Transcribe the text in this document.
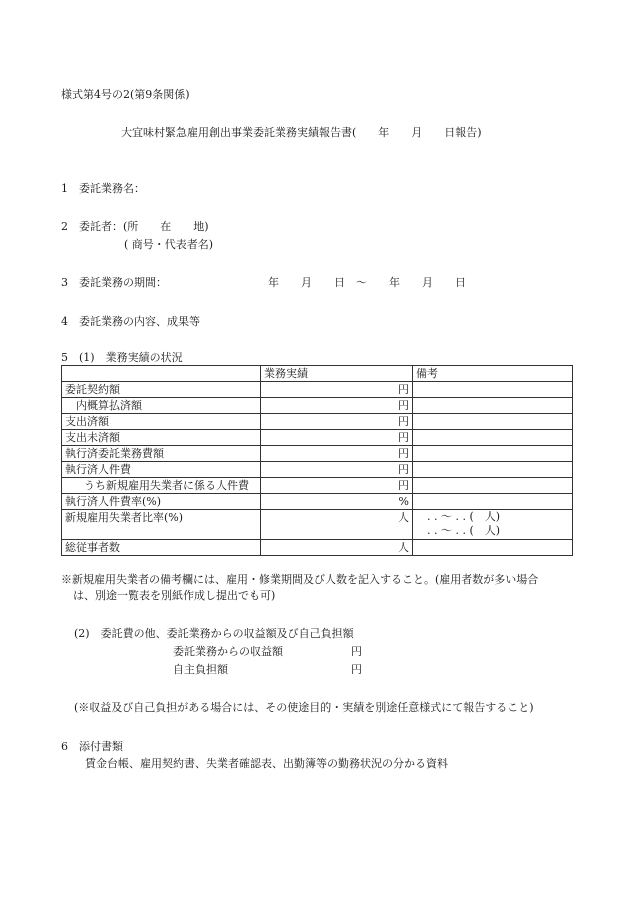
様式第4号の2(第9条関係)
大宜味村緊急雇用創出事業委託業務実績報告書(　　年　　月　　日報告)
1　委託業務名：
2　委託者：(所　　在　　地)
( 商号・代表者名)
3　委託業務の期間：	年　　月　　日　～　　年　　月　　日
4　委託業務の内容、成果等
5　(1)　業務実績の状況
	業務実績	備考
委託契約額	円	
内概算払済額	円	
支出済額	円	
支出未済額	円	
執行済委託業務費額	円	
執行済人件費	円	
うち新規雇用失業者に係る人件費	円	
執行済人件費率(%)	%	
新規雇用失業者比率(%)	人	. . 〜 . . (　人)
. . 〜 . . (　人)

総従事者数	人	
※新規雇用失業者の備考欄には、雇用・修業期間及び人数を記入すること。(雇用者数が多い場合
は、別途一覧表を別紙作成し提出でも可)
(2)　委託費の他、委託業務からの収益額及び自己負担額
委託業務からの収益額	円
自主負担額	円
(※収益及び自己負担がある場合には、その使途目的・実績を別途任意様式にて報告すること)
6　添付書類
賃金台帳、雇用契約書、失業者確認表、出勤簿等の勤務状況の分かる資料
